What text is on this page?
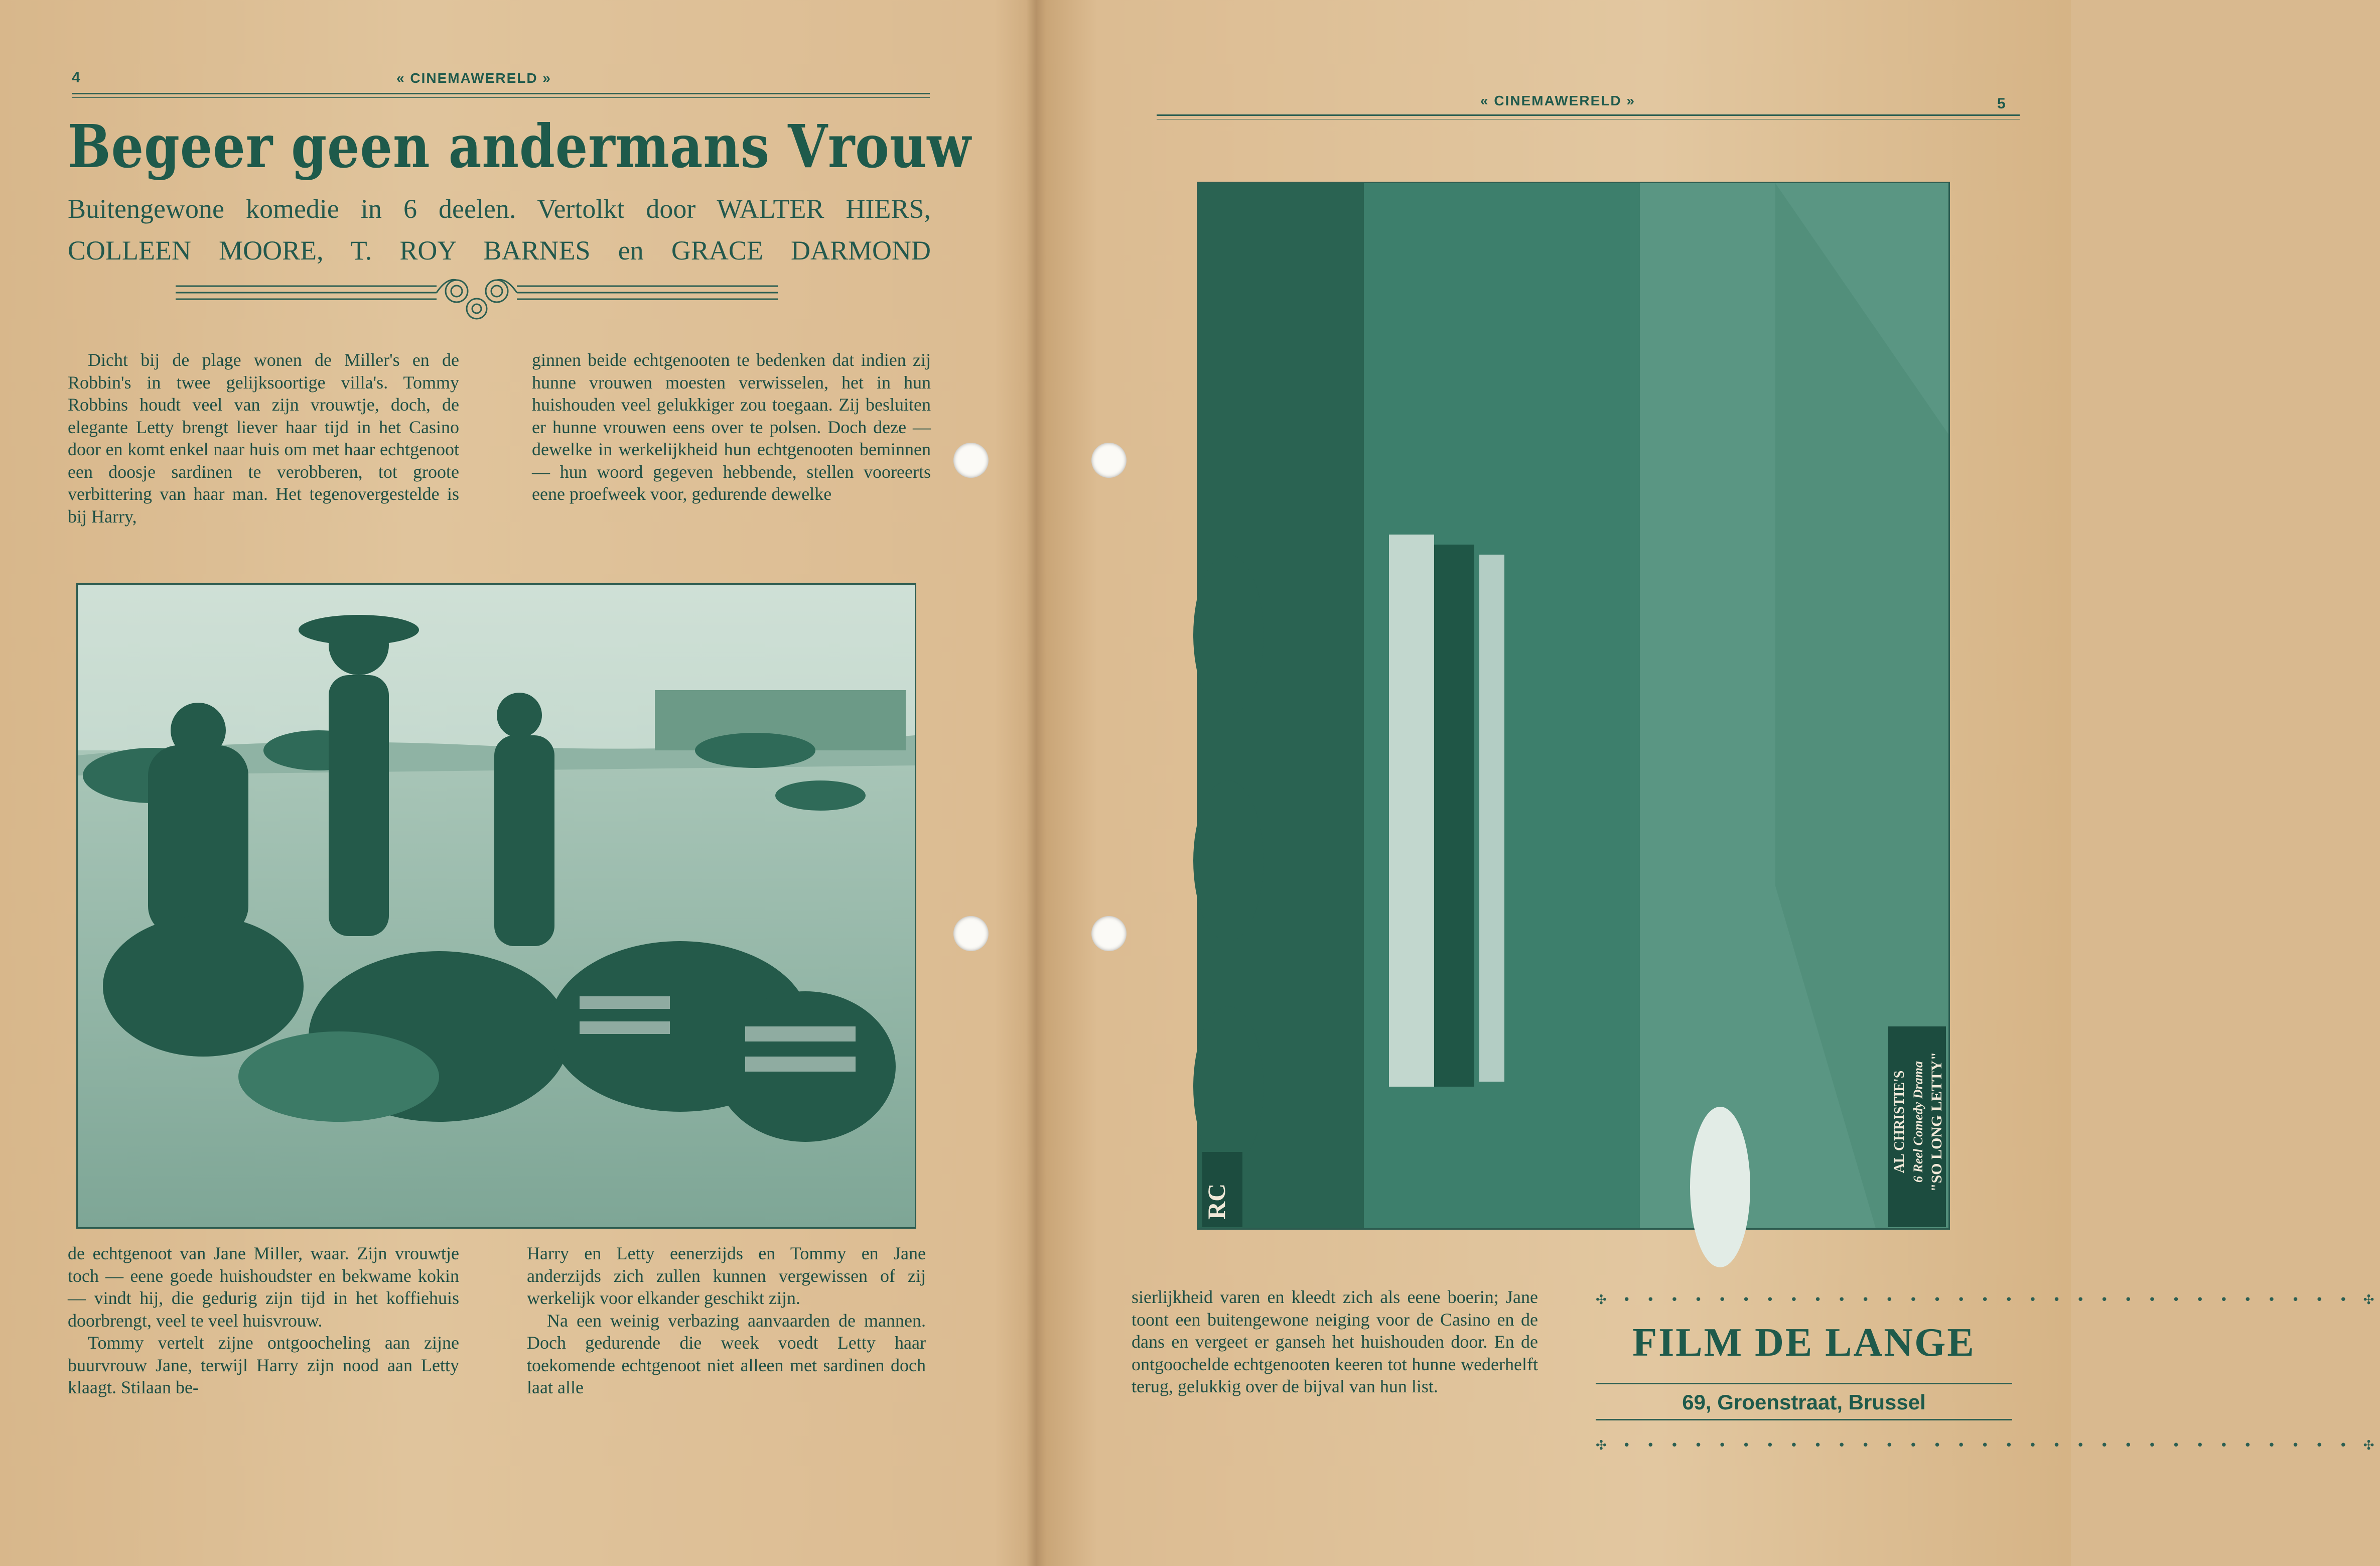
4	« CINEMAWERELD »
Begeer geen andermans Vrouw
Buitengewone komedie in 6 deelen. Vertolkt door WALTER HIERS,
COLLEEN MOORE, T. ROY BARNES en GRACE DARMOND

Dicht bij de plage wonen de Miller's en de Robbin's in twee gelijksoortige villa's. Tommy Robbins houdt veel van zijn vrouwtje, doch, de elegante Letty brengt liever haar tijd in het Casino door en komt enkel naar huis om met haar echtgenoot een doosje sardinen te verobberen, tot groote verbittering van haar man. Het tegenovergestelde is bij Harry,

ginnen beide echtgenooten te bedenken dat indien zij hunne vrouwen moesten verwisselen, het in hun huishouden veel gelukkiger zou toegaan. Zij besluiten er hunne vrouwen eens over te polsen. Doch deze — dewelke in werkelijkheid hun echtgenooten beminnen — hun woord gegeven hebbende, stellen vooreerts eene proefweek voor, gedurende dewelke

de echtgenoot van Jane Miller, waar. Zijn vrouwtje toch — eene goede huishoudster en bekwame kokin — vindt hij, die gedurig zijn tijd in het koffiehuis doorbrengt, veel te veel huisvrouw.

Tommy vertelt zijne ontgoocheling aan zijne buurvrouw Jane, terwijl Harry zijn nood aan Letty klaagt. Stilaan be-

Harry en Letty eenerzijds en Tommy en Jane anderzijds zich zullen kunnen vergewissen of zij werkelijk voor elkander geschikt zijn.

Na een weinig verbazing aanvaarden de mannen. Doch gedurende die week voedt Letty haar toekomende echtgenoot niet alleen met sardinen doch laat alle

« CINEMAWERELD »	5
RC
AL CHRISTIE'S 6 Reel Comedy Drama "SO LONG LETTY"

sierlijkheid varen en kleedt zich als eene boerin; Jane toont een buitengewone neiging voor de Casino en de dans en vergeet er ganseh het huishouden door. En de ontgoochelde echtgenooten keeren tot hunne wederhelft terug, gelukkig over de bijval van hun list.

✣ • • • • • • • • • • • • • • • • • • • • • • • • • • • • • • • ✣
FILM DE LANGE
69, Groenstraat, Brussel
✣ • • • • • • • • • • • • • • • • • • • • • • • • • • • • • • • ✣
